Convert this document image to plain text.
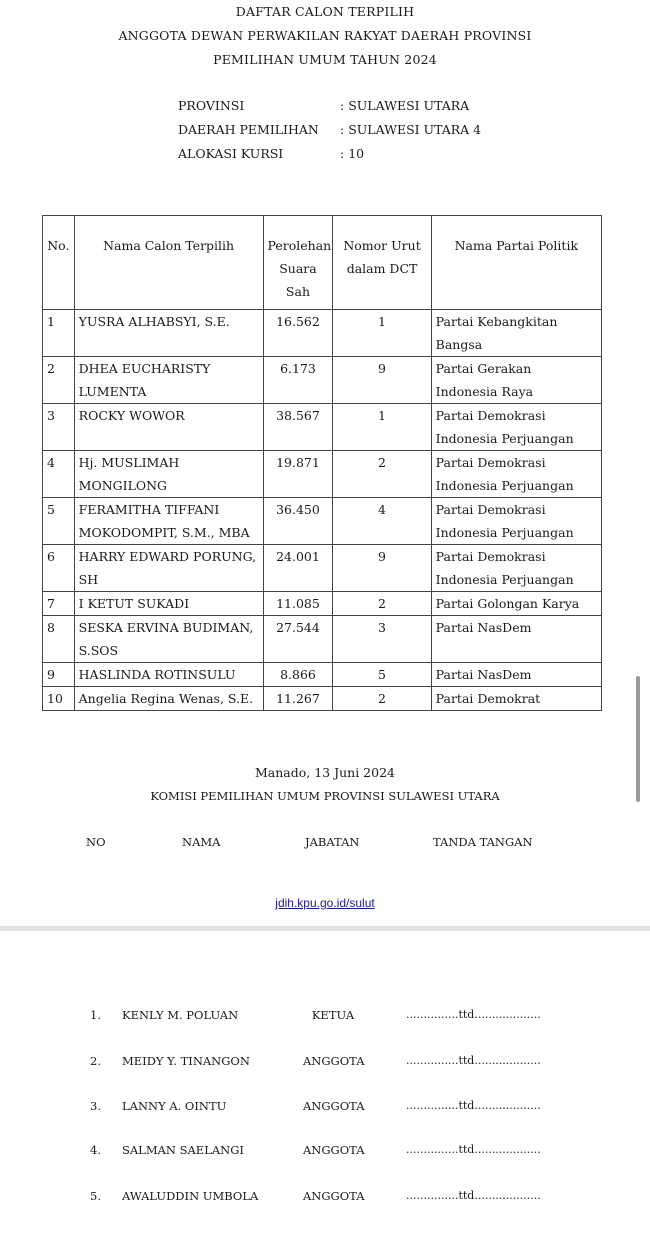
DAFTAR CALON TERPILIH
ANGGOTA DEWAN PERWAKILAN RAKYAT DAERAH PROVINSI
PEMILIHAN UMUM TAHUN 2024
PROVINSI	: SULAWESI UTARA
DAERAH PEMILIHAN	: SULAWESI UTARA 4
ALOKASI KURSI	: 10
No.	Nama Calon Terpilih	Perolehan Suara Sah	Nomor Urut dalam DCT	Nama Partai Politik
1	YUSRA ALHABSYI, S.E.	16.562	1	Partai Kebangkitan Bangsa
2	DHEA EUCHARISTY LUMENTA	6.173	9	Partai Gerakan Indonesia Raya
3	ROCKY WOWOR	38.567	1	Partai Demokrasi Indonesia Perjuangan
4	Hj. MUSLIMAH MONGILONG	19.871	2	Partai Demokrasi Indonesia Perjuangan
5	FERAMITHA TIFFANI MOKODOMPIT, S.M., MBA	36.450	4	Partai Demokrasi Indonesia Perjuangan
6	HARRY EDWARD PORUNG, SH	24.001	9	Partai Demokrasi Indonesia Perjuangan
7	I KETUT SUKADI	11.085	2	Partai Golongan Karya
8	SESKA ERVINA BUDIMAN, S.SOS	27.544	3	Partai NasDem
9	HASLINDA ROTINSULU	8.866	5	Partai NasDem
10	Angelia Regina Wenas, S.E.	11.267	2	Partai Demokrat
Manado, 13 Juni 2024
KOMISI PEMILIHAN UMUM PROVINSI SULAWESI UTARA
NO	NAMA	JABATAN	TANDA TANGAN
jdih.kpu.go.id/sulut
1. KENLY M. POLUAN	KETUA	...............ttd...................
2. MEIDY Y. TINANGON	ANGGOTA	...............ttd...................
3. LANNY A. OINTU	ANGGOTA	...............ttd...................
4. SALMAN SAELANGI	ANGGOTA	...............ttd...................
5. AWALUDDIN UMBOLA	ANGGOTA	...............ttd...................
